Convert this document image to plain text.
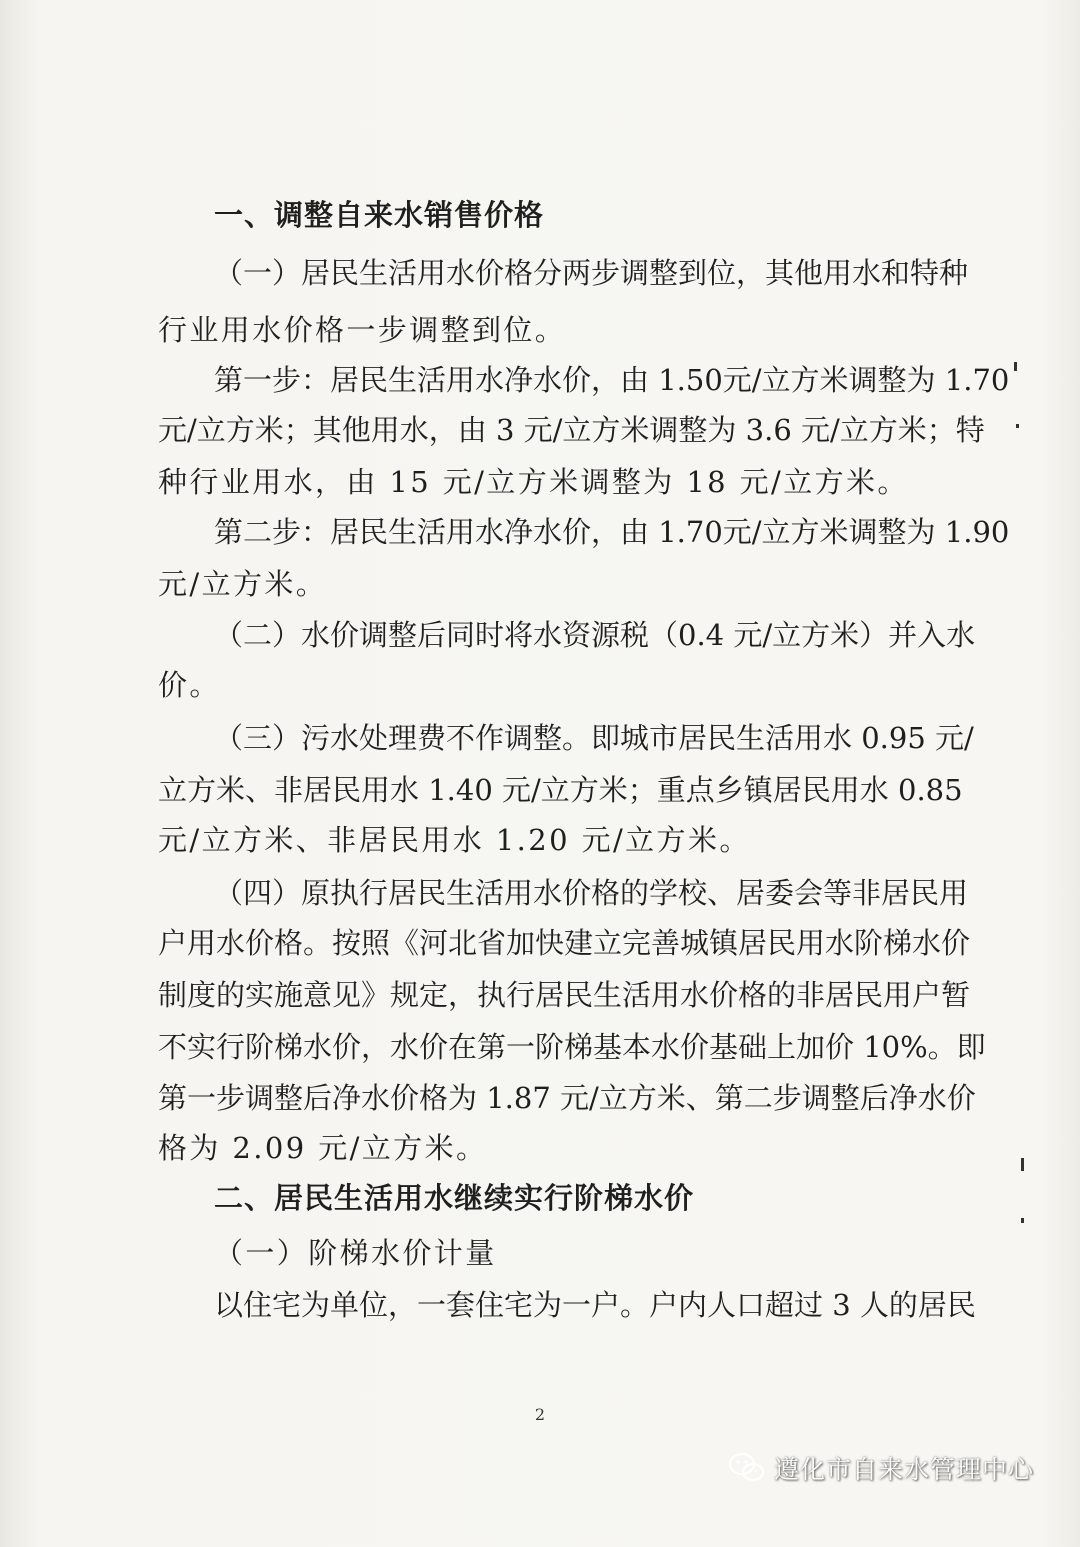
一、调整自来水销售价格
（一）居民生活用水价格分两步调整到位，其他用水和特种
行业用水价格一步调整到位。
第一步：居民生活用水净水价，由 1.50元/立方米调整为 1.70
元/立方米；其他用水，由 3 元/立方米调整为 3.6 元/立方米；特
种行业用水，由 15 元/立方米调整为 18 元/立方米。
第二步：居民生活用水净水价，由 1.70元/立方米调整为 1.90
元/立方米。
（二）水价调整后同时将水资源税（0.4 元/立方米）并入水
价。
（三）污水处理费不作调整。即城市居民生活用水 0.95 元/
立方米、非居民用水 1.40 元/立方米；重点乡镇居民用水 0.85
元/立方米、非居民用水 1.20 元/立方米。
（四）原执行居民生活用水价格的学校、居委会等非居民用
户用水价格。按照《河北省加快建立完善城镇居民用水阶梯水价
制度的实施意见》规定，执行居民生活用水价格的非居民用户暂
不实行阶梯水价，水价在第一阶梯基本水价基础上加价 10%。即
第一步调整后净水价格为 1.87 元/立方米、第二步调整后净水价
格为 2.09 元/立方米。
二、居民生活用水继续实行阶梯水价
（一）阶梯水价计量
以住宅为单位，一套住宅为一户。户内人口超过 3 人的居民
2
遵化市自来水管理中心
